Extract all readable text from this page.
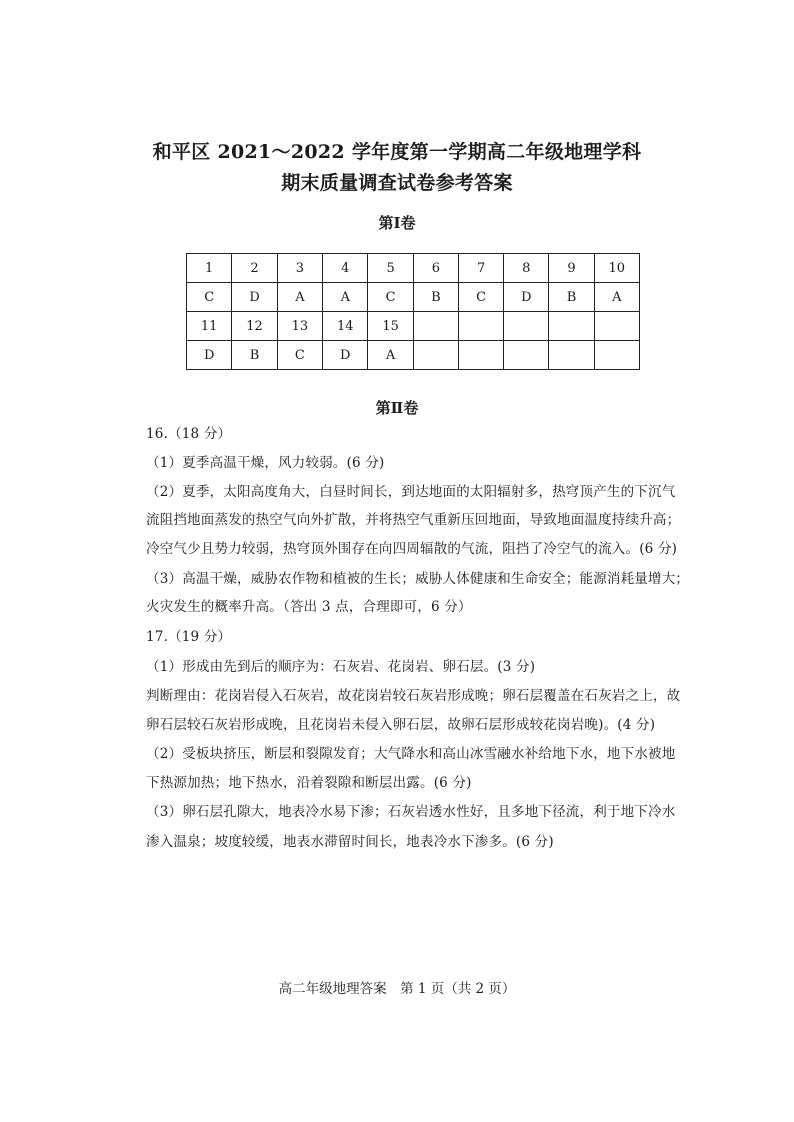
和平区 2021～2022 学年度第一学期高二年级地理学科
期末质量调查试卷参考答案
第Ⅰ卷
1	2	3	4	5	6	7	8	9	10
C	D	A	A	C	B	C	D	B	A
11	12	13	14	15					
D	B	C	D	A					
第Ⅱ卷
16.（18 分）
（1）夏季高温干燥，风力较弱。(6 分)
（2）夏季，太阳高度角大，白昼时间长，到达地面的太阳辐射多，热穹顶产生的下沉气
流阻挡地面蒸发的热空气向外扩散，并将热空气重新压回地面，导致地面温度持续升高；
冷空气少且势力较弱，热穹顶外围存在向四周辐散的气流，阻挡了冷空气的流入。(6 分)
（3）高温干燥，威胁农作物和植被的生长；威胁人体健康和生命安全；能源消耗量增大；
火灾发生的概率升高。（答出 3 点，合理即可，6 分）
17.（19 分）
（1）形成由先到后的顺序为：石灰岩、花岗岩、卵石层。(3 分)
判断理由：花岗岩侵入石灰岩，故花岗岩较石灰岩形成晚；卵石层覆盖在石灰岩之上，故
卵石层较石灰岩形成晚，且花岗岩未侵入卵石层，故卵石层形成较花岗岩晚)。(4 分)
（2）受板块挤压，断层和裂隙发育；大气降水和高山冰雪融水补给地下水，地下水被地
下热源加热；地下热水，沿着裂隙和断层出露。(6 分)
（3）卵石层孔隙大，地表冷水易下渗；石灰岩透水性好，且多地下径流，利于地下冷水
渗入温泉；坡度较缓，地表水滞留时间长，地表冷水下渗多。(6 分)
高二年级地理答案　第 1 页（共 2 页）
